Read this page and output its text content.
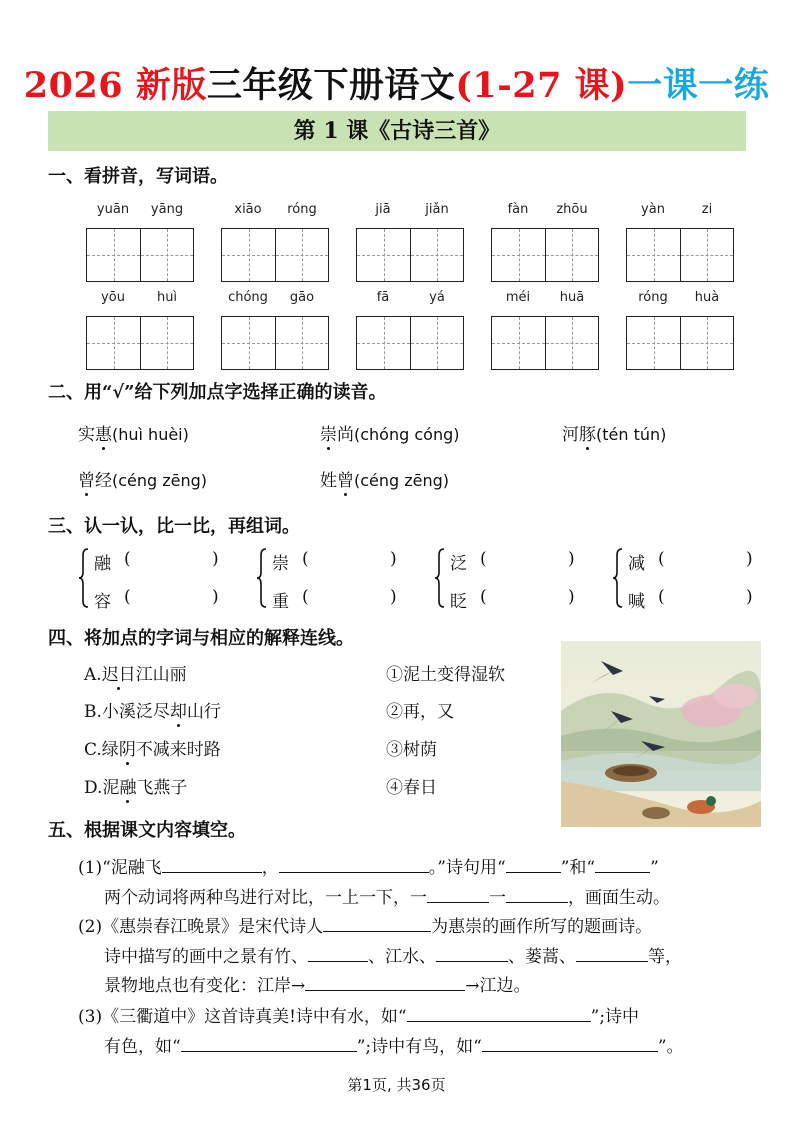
2026 新版三年级下册语文(1-27 课)一课一练
第 1 课《古诗三首》
一、看拼音，写词语。
yuān	yāng	xiāo	róng	jiā	jiǎn	fàn	zhōu	yàn	zi
yōu	huì	chóng	gāo	fā	yá	méi	huā	róng	huà
二、用“√”给下列加点字选择正确的读音。
实惠(huì huèi)	崇尚(chóng cóng)	河豚(tén tún)
曾经(céng zēng)	姓曾(céng zēng)
三、认一认，比一比，再组词。
融 (	)
容 (	)
崇 (	)
重 (	)
泛 (	)
眨 (	)
减 (	)
喊 (	)
四、将加点的字词与相应的解释连线。
A.迟日江山丽
B.小溪泛尽却山行
C.绿阴不减来时路
D.泥融飞燕子
①泥土变得湿软
②再，又
③树荫
④春日
五、根据课文内容填空。
(1)“泥融飞	，	。”诗句用“	”和“	”
两个动词将两种鸟进行对比，一上一下，一	一	，画面生动。
(2)《惠崇春江晚景》是宋代诗人	为惠崇的画作所写的题画诗。
诗中描写的画中之景有竹、	、江水、	、蒌蒿、	等，
景物地点也有变化：江岸→	→江边。
(3)《三衢道中》这首诗真美!诗中有水，如“	”;诗中
有色，如“	”;诗中有鸟，如“	”。
第1页, 共36页
